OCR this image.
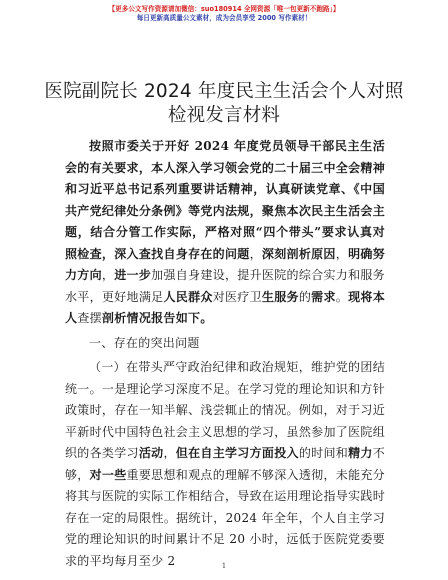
【更多公文写作资源请加微信：suo180914 全网资源「唯一包更新不跑路」】
每日更新高质量公文素材，成为会员享受 2000 写作素材！
医院副院长 2024 年度民主生活会个人对照检视发言材料

按照市委关于开好 2024 年度党员领导干部民主生活会的有关要求，本人深入学习领会党的二十届三中全会精神和习近平总书记系列重要讲话精神，认真研读党章、《中国共产党纪律处分条例》等党内法规，聚焦本次民主生活会主题，结合分管工作实际，严格对照“四个带头”要求认真对照检查，深入查找自身存在的问题，深刻剖析原因，明确努力方向，进一步加强自身建设，提升医院的综合实力和服务水平，更好地满足人民群众对医疗卫生服务的需求。现将本人查摆剖析情况报告如下。

一、存在的突出问题

（一）在带头严守政治纪律和政治规矩，维护党的团结统一。一是理论学习深度不足。在学习党的理论知识和方针政策时，存在一知半解、浅尝辄止的情况。例如，对于习近平新时代中国特色社会主义思想的学习，虽然参加了医院组织的各类学习活动，但在自主学习方面投入的时间和精力不够，对一些重要思想和观点的理解不够深入透彻，未能充分将其与医院的实际工作相结合，导致在运用理论指导实践时存在一定的局限性。据统计，2024 年全年，个人自主学习党的理论知识的时间累计不足 20 小时，远低于医院党委要求的平均每月至少 2	1
